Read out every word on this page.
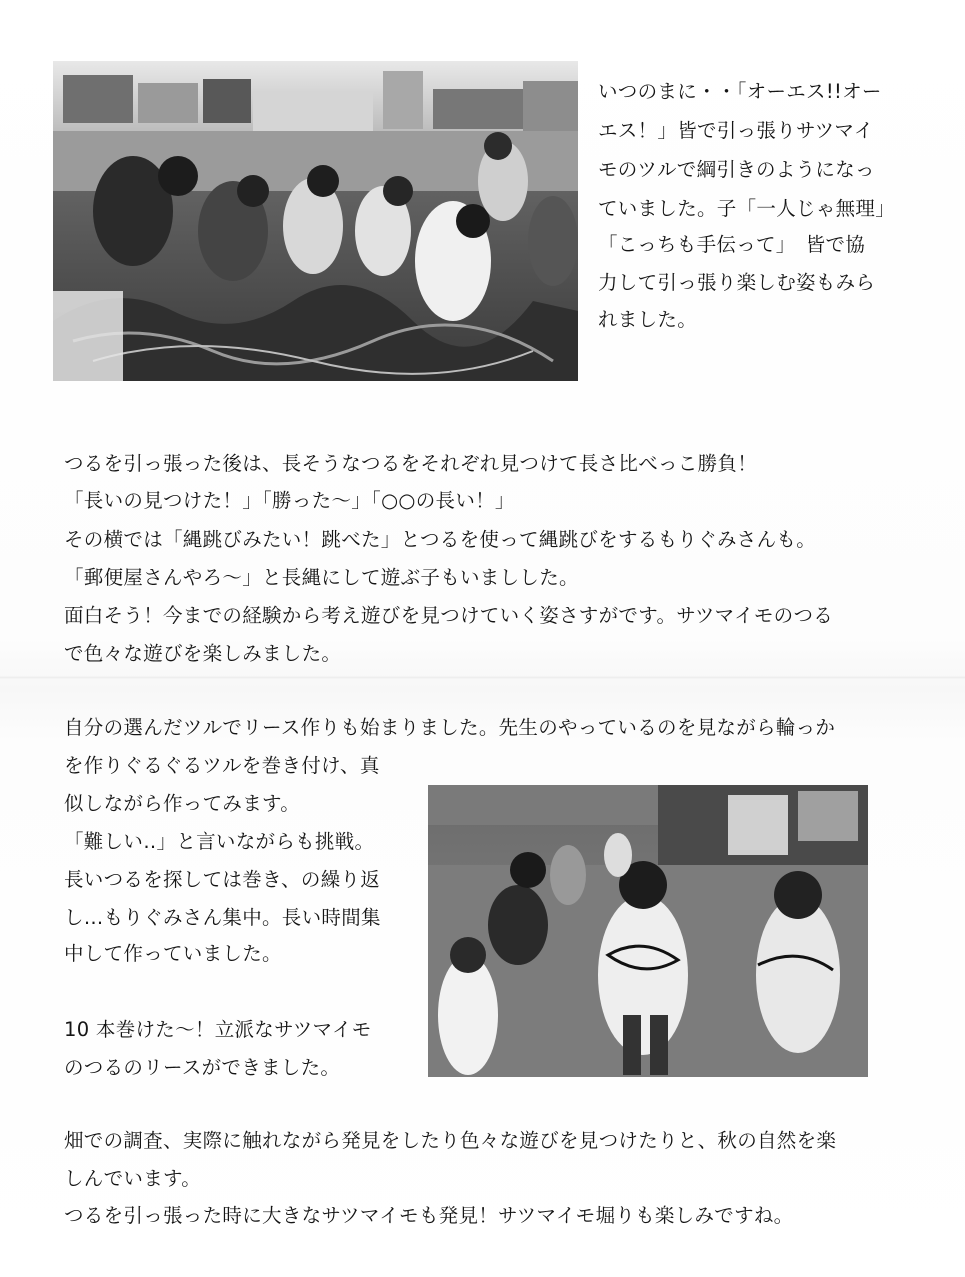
いつのまに・・「オーエス!!オー
エス！」皆で引っ張りサツマイ
モのツルで綱引きのようになっ
ていました。子「一人じゃ無理」
「こっちも手伝って」　皆で協
力して引っ張り楽しむ姿もみら
れました。
つるを引っ張った後は、長そうなつるをそれぞれ見つけて長さ比べっこ勝負！
「長いの見つけた！」「勝った～」「○○の長い！」
その横では「縄跳びみたい！跳べた」とつるを使って縄跳びをするもりぐみさんも。
「郵便屋さんやろ～」と長縄にして遊ぶ子もいましした。
面白そう！今までの経験から考え遊びを見つけていく姿さすがです。サツマイモのつる
で色々な遊びを楽しみました。
自分の選んだツルでリース作りも始まりました。先生のやっているのを見ながら輪っか
を作りぐるぐるツルを巻き付け、真
似しながら作ってみます。
「難しい‥」と言いながらも挑戦。
長いつるを探しては巻き、の繰り返
し…もりぐみさん集中。長い時間集
中して作っていました。
10 本巻けた～！立派なサツマイモ
のつるのリースができました。
畑での調査、実際に触れながら発見をしたり色々な遊びを見つけたりと、秋の自然を楽
しんでいます。
つるを引っ張った時に大きなサツマイモも発見！サツマイモ堀りも楽しみですね。
